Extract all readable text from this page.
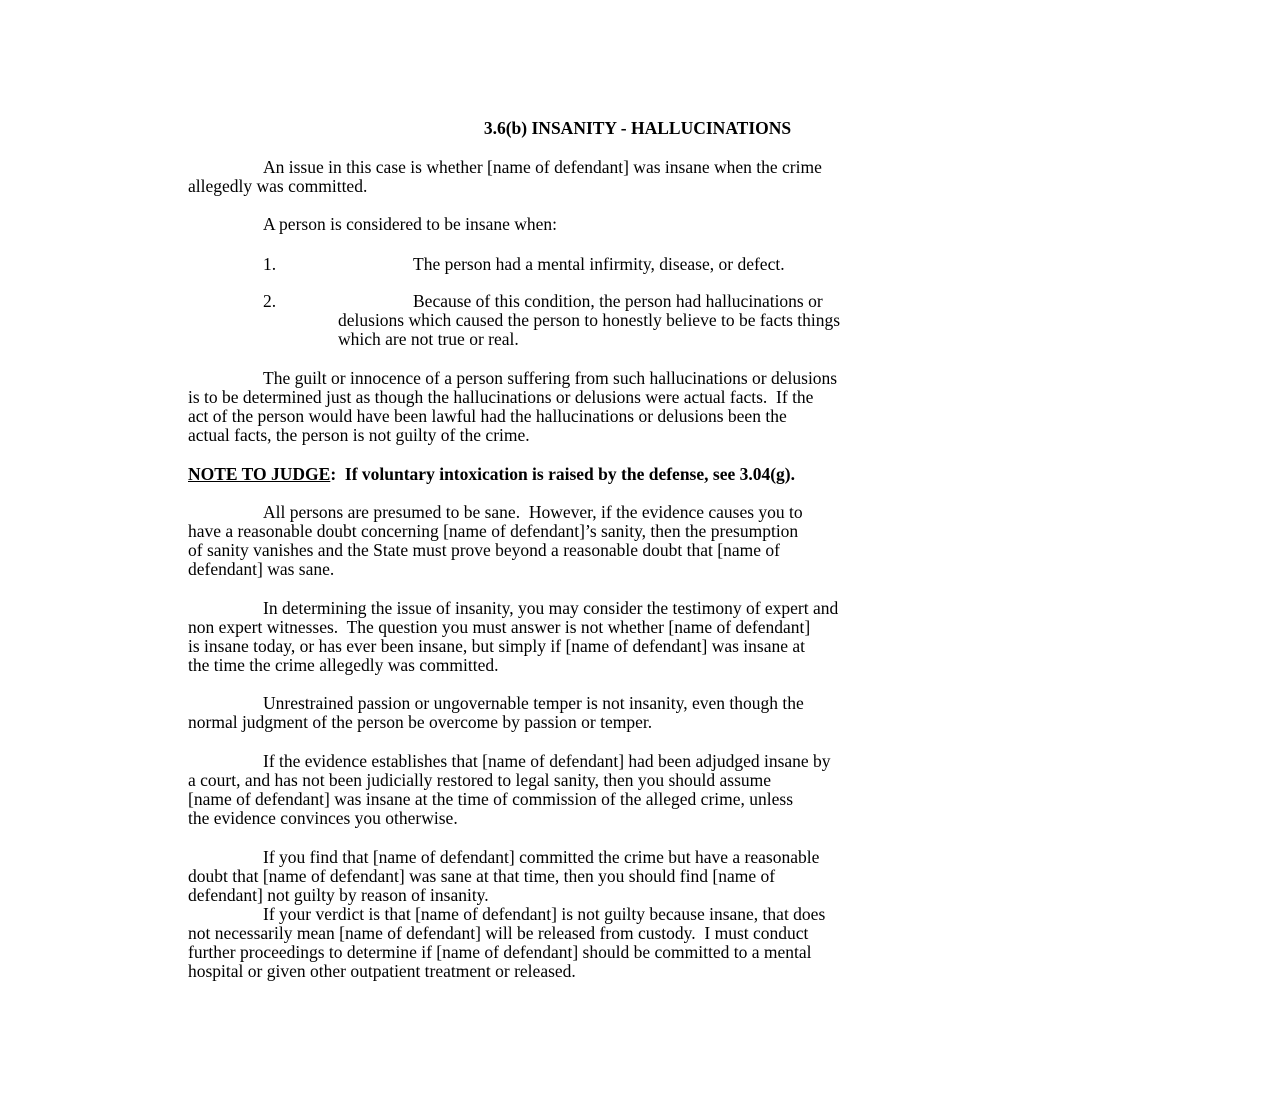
3.6(b) INSANITY - HALLUCINATIONS
An issue in this case is whether [name of defendant] was insane when the crime
allegedly was committed.
A person is considered to be insane when:
1.	The person had a mental infirmity, disease, or defect.
2.	Because of this condition, the person had hallucinations or
delusions which caused the person to honestly believe to be facts things
which are not true or real.
The guilt or innocence of a person suffering from such hallucinations or delusions
is to be determined just as though the hallucinations or delusions were actual facts.  If the
act of the person would have been lawful had the hallucinations or delusions been the
actual facts, the person is not guilty of the crime.
NOTE TO JUDGE:  If voluntary intoxication is raised by the defense, see 3.04(g).
All persons are presumed to be sane.  However, if the evidence causes you to
have a reasonable doubt concerning [name of defendant]’s sanity, then the presumption
of sanity vanishes and the State must prove beyond a reasonable doubt that [name of
defendant] was sane.
In determining the issue of insanity, you may consider the testimony of expert and
non expert witnesses.  The question you must answer is not whether [name of defendant]
is insane today, or has ever been insane, but simply if [name of defendant] was insane at
the time the crime allegedly was committed.
Unrestrained passion or ungovernable temper is not insanity, even though the
normal judgment of the person be overcome by passion or temper.
If the evidence establishes that [name of defendant] had been adjudged insane by
a court, and has not been judicially restored to legal sanity, then you should assume
[name of defendant] was insane at the time of commission of the alleged crime, unless
the evidence convinces you otherwise.
If you find that [name of defendant] committed the crime but have a reasonable
doubt that [name of defendant] was sane at that time, then you should find [name of
defendant] not guilty by reason of insanity.
If your verdict is that [name of defendant] is not guilty because insane, that does
not necessarily mean [name of defendant] will be released from custody.  I must conduct
further proceedings to determine if [name of defendant] should be committed to a mental
hospital or given other outpatient treatment or released.
